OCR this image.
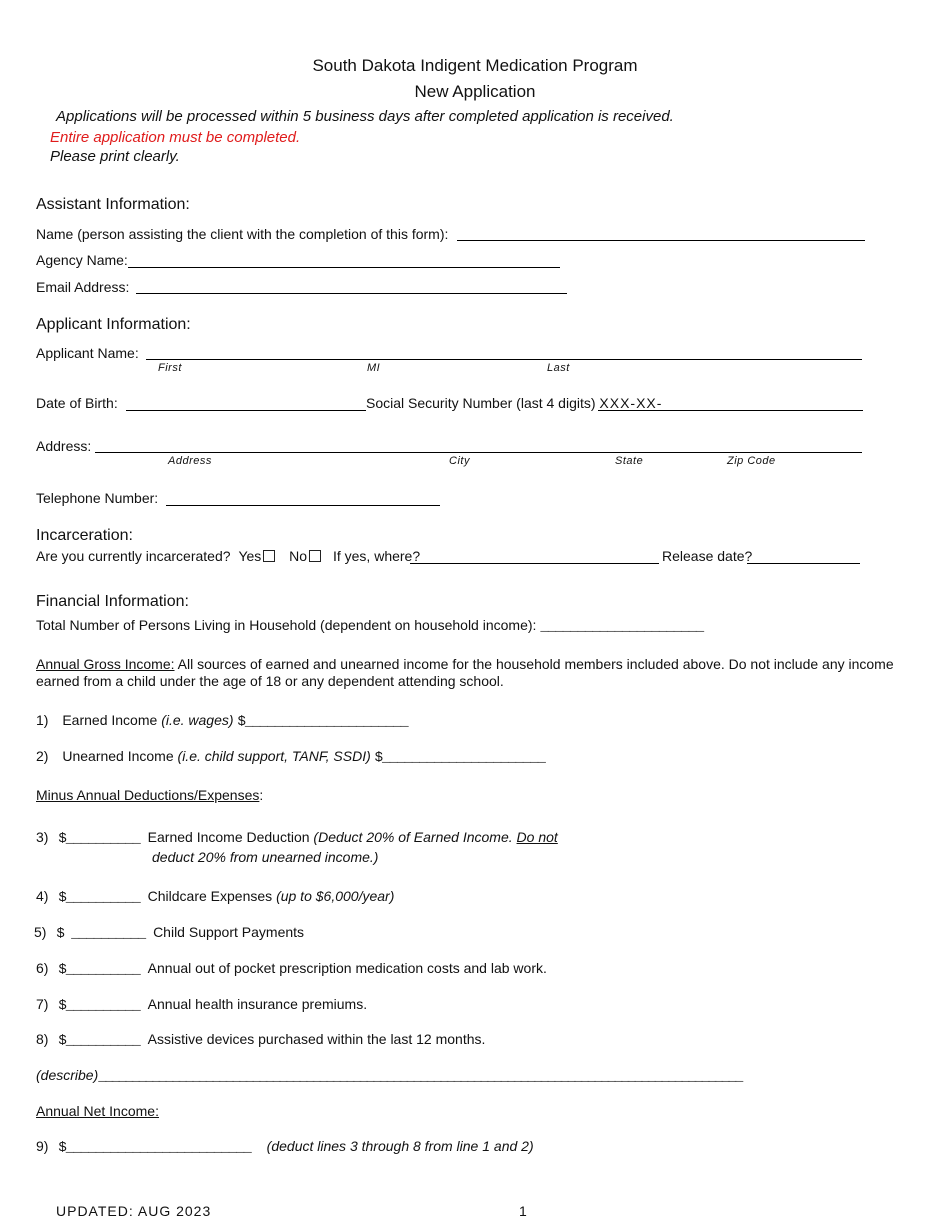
South Dakota Indigent Medication Program
New Application
Applications will be processed within 5 business days after completed application is received.
Entire application must be completed.
Please print clearly.
Assistant Information:
Name (person assisting the client with the completion of this form):
Agency Name:
Email Address:
Applicant Information:
Applicant Name:
First	MI	Last
Date of Birth:	Social Security Number (last 4 digits) XXX-XX-
Address:
Address	City	State	Zip Code
Telephone Number:
Incarceration:
Are you currently incarcerated? Yes No If yes, where?	Release date?
Financial Information:
Total Number of Persons Living in Household (dependent on household income): ______________________
Annual Gross Income: All sources of earned and unearned income for the household members included above. Do not include any income earned from a child under the age of 18 or any dependent attending school.
1) Earned Income (i.e. wages) $______________________
2) Unearned Income (i.e. child support, TANF, SSDI) $______________________
Minus Annual Deductions/Expenses:
3) $__________ Earned Income Deduction (Deduct 20% of Earned Income. Do not
deduct 20% from unearned income.)
4) $__________ Childcare Expenses (up to $6,000/year)
5) $ __________ Child Support Payments
6) $__________ Annual out of pocket prescription medication costs and lab work.
7) $__________ Annual health insurance premiums.
8) $__________ Assistive devices purchased within the last 12 months.
(describe)________________________________________________________________________________________________
Annual Net Income:
9) $_________________________ (deduct lines 3 through 8 from line 1 and 2)
UPDATED: AUG 2023	1
